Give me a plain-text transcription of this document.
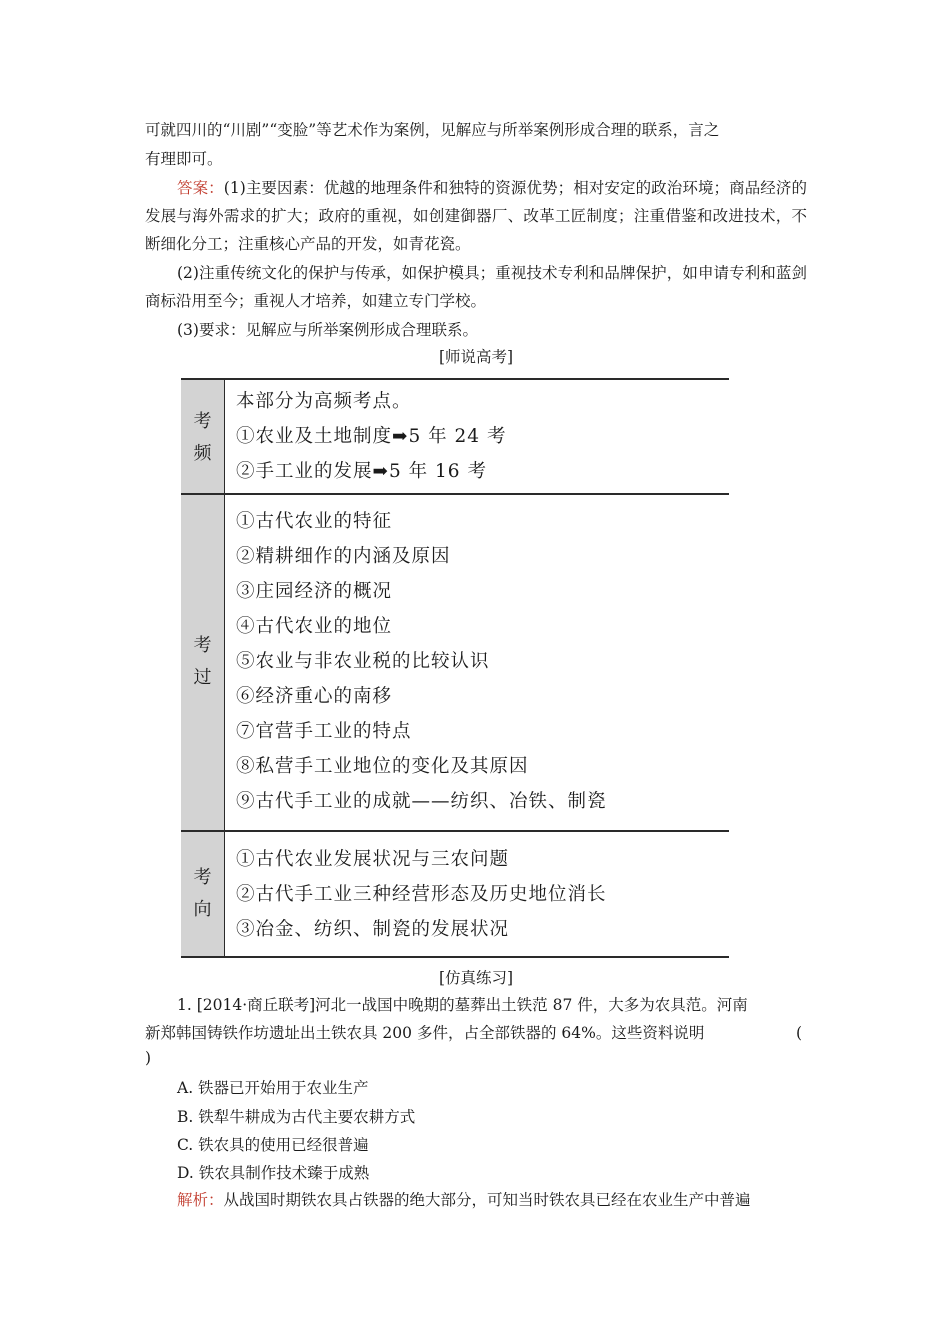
可就四川的“川剧”“变脸”等艺术作为案例，见解应与所举案例形成合理的联系，言之
有理即可。
答案：(1)主要因素：优越的地理条件和独特的资源优势；相对安定的政治环境；商品经济的发展与海外需求的扩大；政府的重视，如创建御器厂、改革工匠制度；注重借鉴和改进技术，不断细化分工；注重核心产品的开发，如青花瓷。
(2)注重传统文化的保护与传承，如保护模具；重视技术专利和品牌保护，如申请专利和蓝剑商标沿用至今；重视人才培养，如建立专门学校。
(3)要求：见解应与所举案例形成合理联系。
[师说高考]
考
频
本部分为高频考点。
①农业及土地制度➡5 年 24 考
②手工业的发展➡5 年 16 考
考
过
①古代农业的特征
②精耕细作的内涵及原因
③庄园经济的概况
④古代农业的地位
⑤农业与非农业税的比较认识
⑥经济重心的南移
⑦官营手工业的特点
⑧私营手工业地位的变化及其原因
⑨古代手工业的成就——纺织、冶铁、制瓷
考
向
①古代农业发展状况与三农问题
②古代手工业三种经营形态及历史地位消长
③冶金、纺织、制瓷的发展状况
[仿真练习]
1. [2014·商丘联考]河北一战国中晚期的墓葬出土铁范 87 件，大多为农具范。河南
新郑韩国铸铁作坊遗址出土铁农具 200 多件，占全部铁器的 64%。这些资料说明	(
)
A. 铁器已开始用于农业生产
B. 铁犁牛耕成为古代主要农耕方式
C. 铁农具的使用已经很普遍
D. 铁农具制作技术臻于成熟
解析：从战国时期铁农具占铁器的绝大部分，可知当时铁农具已经在农业生产中普遍
